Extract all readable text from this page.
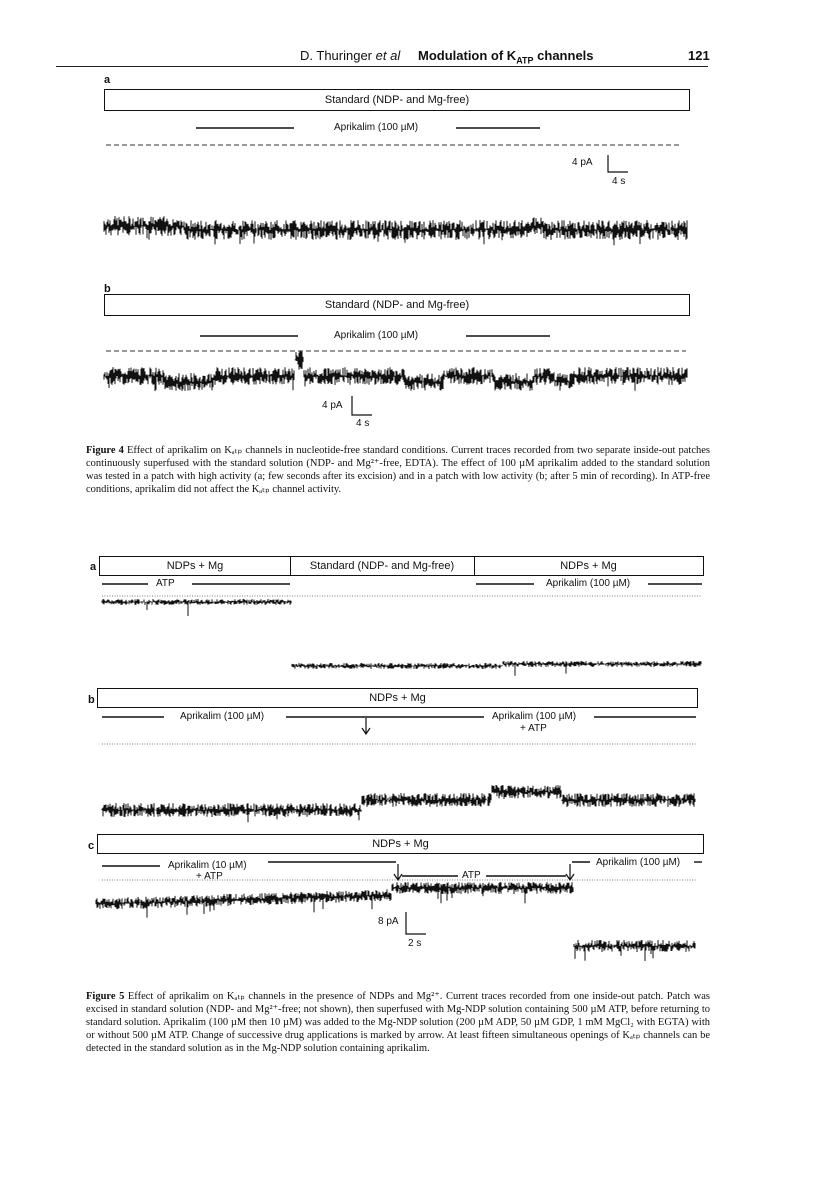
D. Thuringer et al Modulation of $K_{ATP}$ channels	121
a
Standard (NDP- and Mg-free)
Aprikalim (100 µM)
4 pA
4 s
b
Standard (NDP- and Mg-free)
Aprikalim (100 µM)
4 pA
4 s
Figure 4 Effect of aprikalim on Kₐₜₚ channels in nucleotide-free standard conditions. Current traces recorded from two separate inside-out patches continuously superfused with the standard solution (NDP- and Mg²⁺-free, EDTA). The effect of 100 µM aprikalim added to the standard solution was tested in a patch with high activity (a; few seconds after its excision) and in a patch with low activity (b; after 5 min of recording). In ATP-free conditions, aprikalim did not affect the Kₐₜₚ channel activity.
a	NDPs + Mg	Standard (NDP- and Mg-free)	NDPs + Mg
ATP	Aprikalim (100 µM)
b	NDPs + Mg
Aprikalim (100 µM)	Aprikalim (100 µM)
+ ATP
c	NDPs + Mg
Aprikalim (10 µM)
+ ATP	ATP
Aprikalim (100 µM)
8 pA
2 s
Figure 5 Effect of aprikalim on Kₐₜₚ channels in the presence of NDPs and Mg²⁺. Current traces recorded from one inside-out patch. Patch was excised in standard solution (NDP- and Mg²⁺-free; not shown), then superfused with Mg-NDP solution containing 500 µM ATP, before returning to standard solution. Aprikalim (100 µM then 10 µM) was added to the Mg-NDP solution (200 µM ADP, 50 µM GDP, 1 mM MgCl₂ with EGTA) with or without 500 µM ATP. Change of successive drug applications is marked by arrow. At least fifteen simultaneous openings of Kₐₜₚ channels can be detected in the standard solution as in the Mg-NDP solution containing aprikalim.
